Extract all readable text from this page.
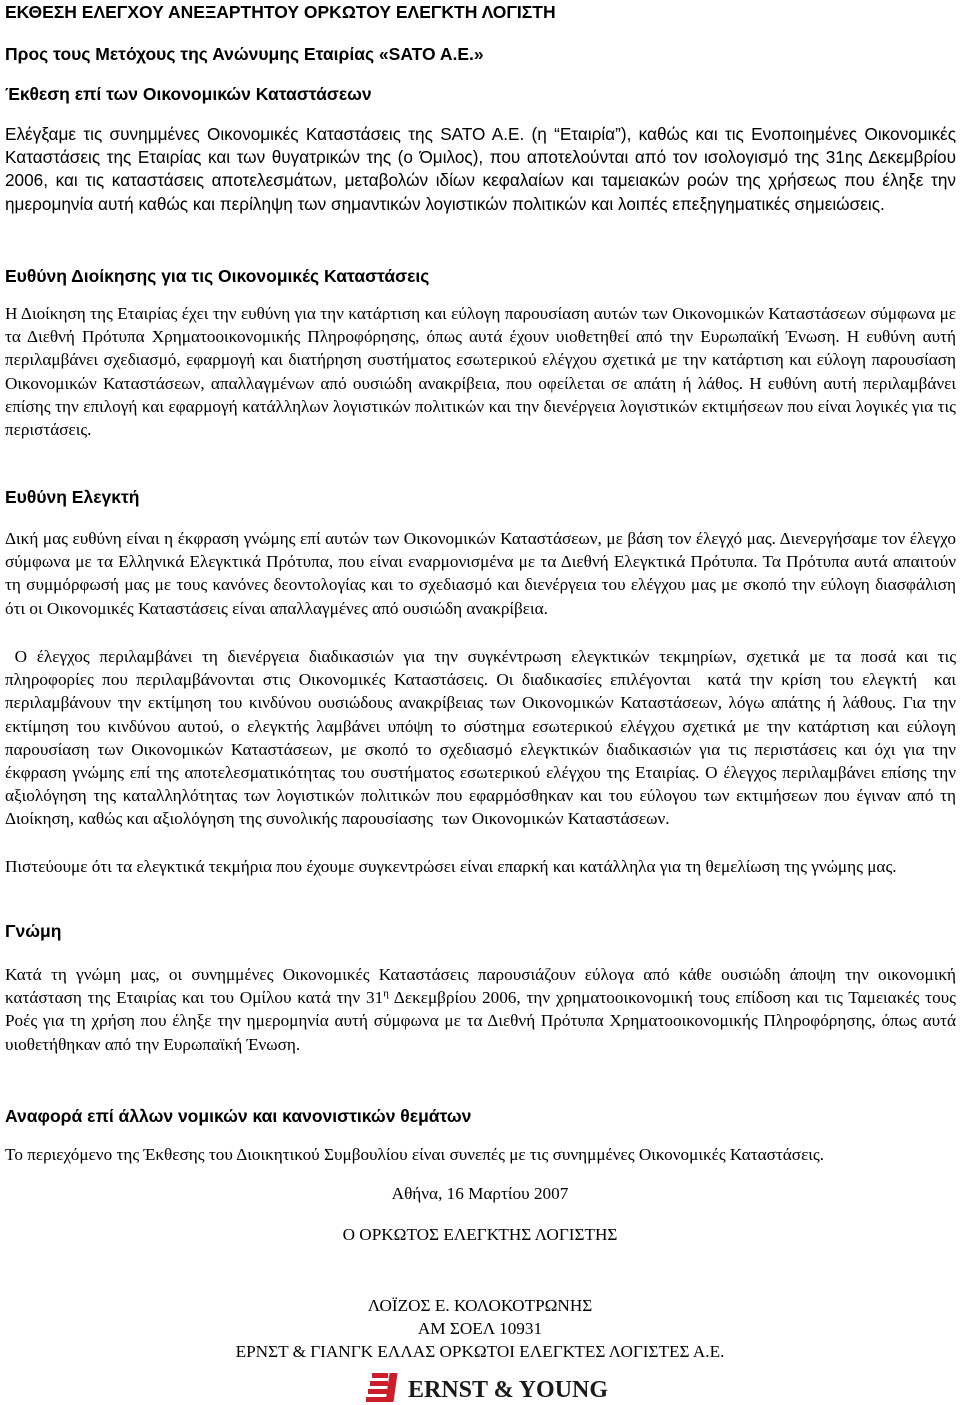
ΕΚΘΕΣΗ ΕΛΕΓΧΟΥ ΑΝΕΞΑΡΤΗΤΟΥ ΟΡΚΩΤΟΥ ΕΛΕΓΚΤΗ ΛΟΓΙΣΤΗ
Προς τους Μετόχους της Ανώνυμης Εταιρίας «SATO A.E.»
Έκθεση επί των Οικονομικών Καταστάσεων
Ελέγξαμε τις συνημμένες Οικονομικές Καταστάσεις της SATO A.E. (η “Εταιρία”), καθώς και τις Ενοποιημένες Οικονομικές Καταστάσεις της Εταιρίας και των θυγατρικών της (ο Όμιλος), που αποτελούνται από τον ισολογισμό της 31ης Δεκεμβρίου 2006, και τις καταστάσεις αποτελεσμάτων, μεταβολών ιδίων κεφαλαίων και ταμειακών ροών της χρήσεως που έληξε την ημερομηνία αυτή καθώς και περίληψη των σημαντικών λογιστικών πολιτικών και λοιπές επεξηγηματικές σημειώσεις.
Ευθύνη Διοίκησης για τις Οικονομικές Καταστάσεις
Η Διοίκηση της Εταιρίας έχει την ευθύνη για την κατάρτιση και εύλογη παρουσίαση αυτών των Οικονομικών Καταστάσεων σύμφωνα με τα Διεθνή Πρότυπα Χρηματοοικονομικής Πληροφόρησης, όπως αυτά έχουν υιοθετηθεί από την Ευρωπαϊκή Ένωση. Η ευθύνη αυτή περιλαμβάνει σχεδιασμό, εφαρμογή και διατήρηση συστήματος εσωτερικού ελέγχου σχετικά με την κατάρτιση και εύλογη παρουσίαση Οικονομικών Καταστάσεων, απαλλαγμένων από ουσιώδη ανακρίβεια, που οφείλεται σε απάτη ή λάθος. Η ευθύνη αυτή περιλαμβάνει επίσης την επιλογή και εφαρμογή κατάλληλων λογιστικών πολιτικών και την διενέργεια λογιστικών εκτιμήσεων που είναι λογικές για τις περιστάσεις.
Ευθύνη Ελεγκτή
Δική μας ευθύνη είναι η έκφραση γνώμης επί αυτών των Οικονομικών Καταστάσεων, με βάση τον έλεγχό μας. Διενεργήσαμε τον έλεγχο σύμφωνα με τα Ελληνικά Ελεγκτικά Πρότυπα, που είναι εναρμονισμένα με τα Διεθνή Ελεγκτικά Πρότυπα. Τα Πρότυπα αυτά απαιτούν τη συμμόρφωσή μας με τους κανόνες δεοντολογίας και το σχεδιασμό και διενέργεια του ελέγχου μας με σκοπό την εύλογη διασφάλιση ότι οι Οικονομικές Καταστάσεις είναι απαλλαγμένες από ουσιώδη ανακρίβεια.
Ο έλεγχος περιλαμβάνει τη διενέργεια διαδικασιών για την συγκέντρωση ελεγκτικών τεκμηρίων, σχετικά με τα ποσά και τις πληροφορίες που περιλαμβάνονται στις Οικονομικές Καταστάσεις. Οι διαδικασίες επιλέγονται  κατά την κρίση του ελεγκτή  και περιλαμβάνουν την εκτίμηση του κινδύνου ουσιώδους ανακρίβειας των Οικονομικών Καταστάσεων, λόγω απάτης ή λάθους. Για την εκτίμηση του κινδύνου αυτού, ο ελεγκτής λαμβάνει υπόψη το σύστημα εσωτερικού ελέγχου σχετικά με την κατάρτιση και εύλογη παρουσίαση των Οικονομικών Καταστάσεων, με σκοπό το σχεδιασμό ελεγκτικών διαδικασιών για τις περιστάσεις και όχι για την έκφραση γνώμης επί της αποτελεσματικότητας του συστήματος εσωτερικού ελέγχου της Εταιρίας. Ο έλεγχος περιλαμβάνει επίσης την αξιολόγηση της καταλληλότητας των λογιστικών πολιτικών που εφαρμόσθηκαν και του εύλογου των εκτιμήσεων που έγιναν από τη Διοίκηση, καθώς και αξιολόγηση της συνολικής παρουσίασης  των Οικονομικών Καταστάσεων.
Πιστεύουμε ότι τα ελεγκτικά τεκμήρια που έχουμε συγκεντρώσει είναι επαρκή και κατάλληλα για τη θεμελίωση της γνώμης μας.
Γνώμη
Κατά τη γνώμη μας, οι συνημμένες Οικονομικές Καταστάσεις παρουσιάζουν εύλογα από κάθε ουσιώδη άποψη την οικονομική κατάσταση της Εταιρίας και του Ομίλου κατά την $31^\eta$ Δεκεμβρίου 2006, την χρηματοοικονομική τους επίδοση και τις Ταμειακές τους Ροές για τη χρήση που έληξε την ημερομηνία αυτή σύμφωνα με τα Διεθνή Πρότυπα Χρηματοοικονομικής Πληροφόρησης, όπως αυτά υιοθετήθηκαν από την Ευρωπαϊκή Ένωση.
Αναφορά επί άλλων νομικών και κανονιστικών θεμάτων
Το περιεχόμενο της Έκθεσης του Διοικητικού Συμβουλίου είναι συνεπές με τις συνημμένες Οικονομικές Καταστάσεις.
Αθήνα, 16 Μαρτίου 2007
Ο ΟΡΚΩΤΟΣ ΕΛΕΓΚΤΗΣ ΛΟΓΙΣΤΗΣ
ΛΟΪΖΟΣ Ε. ΚΟΛΟΚΟΤΡΩΝΗΣ
ΑΜ ΣΟΕΛ 10931
ΕΡΝΣΤ & ΓΙΑΝΓΚ ΕΛΛΑΣ ΟΡΚΩΤΟΙ ΕΛΕΓΚΤΕΣ ΛΟΓΙΣΤΕΣ Α.Ε.
ERNST & YOUNG
